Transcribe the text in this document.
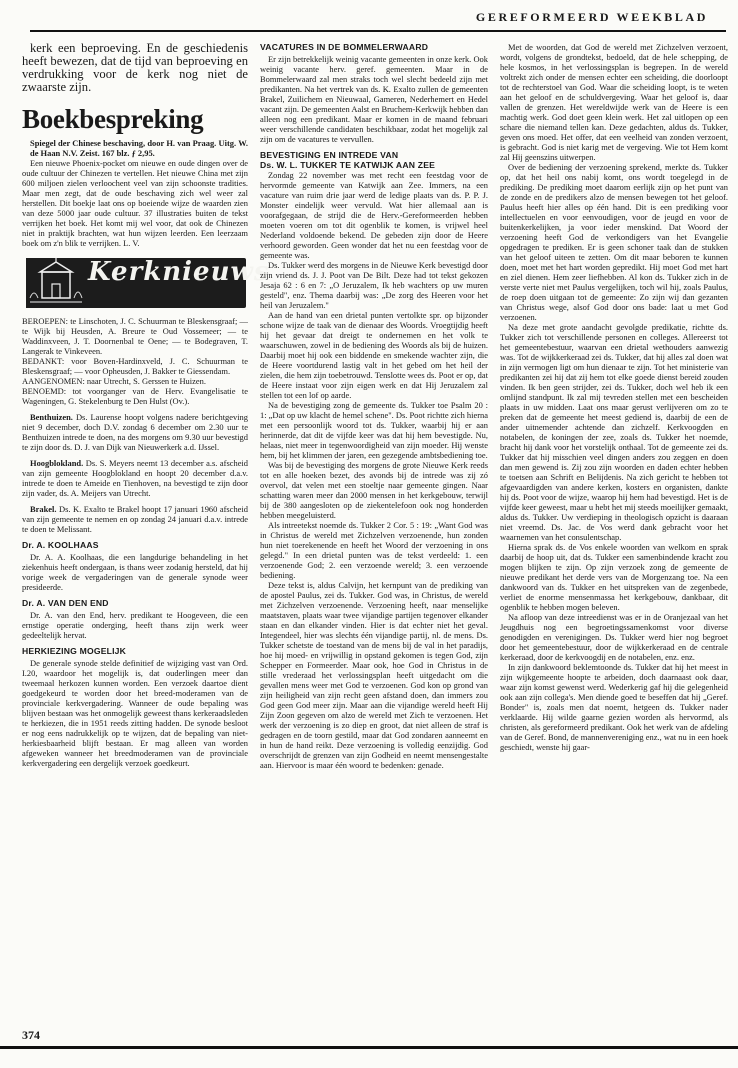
GEREFORMEERD WEEKBLAD

kerk een beproeving. En de geschiedenis heeft bewezen, dat de tijd van beproeving en verdrukking voor de kerk nog niet de zwaarste zijn.

Boekbespreking

Spiegel der Chinese beschaving, door H. van Praag. Uitg. W. de Haan N.V. Zeist. 167 blz. ƒ 2,95.

Een nieuwe Phoenix-pocket om nieuwe en oude dingen over de oude cultuur der Chinezen te vertellen. Het nieuwe China met zijn 600 miljoen zielen verloochent veel van zijn schoonste tradities. Maar men zegt, dat de oude beschaving zich wel weer zal herstellen. Dit boekje laat ons op boeiende wijze de waarden zien van deze 5000 jaar oude cultuur. 37 illustraties buiten de tekst verrijken het boek. Het komt mij wel voor, dat ook de Chinezen niet in praktijk brachten, wat hun wijzen leerden. Een leerzaam boek om z'n blik te verrijken. L. V.

Kerknieuws

BEROEPEN: te Linschoten, J. C. Schuurman te Bleskensgraaf; — te Wijk bij Heusden, A. Breure te Oud Vossemeer; — te Waddinxveen, J. T. Doornenbal te Oene; — te Bodegraven, T. Langerak te Vinkeveen.

BEDANKT: voor Boven-Hardinxveld, J. C. Schuurman te Bleskensgraaf; — voor Opheusden, J. Bakker te Giessendam.

AANGENOMEN: naar Utrecht, S. Gerssen te Huizen.

BENOEMD: tot voorganger van de Herv. Evangelisatie te Wageningen, G. Stekelenburg te Den Hulst (Ov.).

Benthuizen. Ds. Laurense hoopt volgens nadere berichtgeving niet 9 december, doch D.V. zondag 6 december om 2.30 uur te Benthuizen intrede te doen, na des morgens om 9.30 uur bevestigd te zijn door ds. D. J. van Dijk van Nieuwerkerk a.d. IJssel.

Hoogblokland. Ds. S. Meyers neemt 13 december a.s. afscheid van zijn gemeente Hoogblokland en hoopt 20 december d.a.v. intrede te doen te Ameide en Tienhoven, na bevestigd te zijn door zijn vader, ds. A. Meijers van Utrecht.

Brakel. Ds. K. Exalto te Brakel hoopt 17 januari 1960 afscheid van zijn gemeente te nemen en op zondag 24 januari d.a.v. intrede te doen te Melissant.

Dr. A. KOOLHAAS

Dr. A. A. Koolhaas, die een langdurige behandeling in het ziekenhuis heeft ondergaan, is thans weer zodanig hersteld, dat hij vorige week de vergaderingen van de generale synode weer presideerde.

Dr. A. VAN DEN END

Dr. A. van den End, herv. predikant te Hoogeveen, die een ernstige operatie onderging, heeft thans zijn werk weer gedeeltelijk hervat.

HERKIEZING MOGELIJK

De generale synode stelde definitief de wijziging vast van Ord. I.20, waardoor het mogelijk is, dat ouderlingen meer dan tweemaal herkozen kunnen worden. Een verzoek daartoe dient goedgekeurd te worden door het breed-moderamen van de provinciale kerkvergadering. Wanneer de oude bepaling was blijven bestaan was het onmogelijk geweest thans kerkeraadsleden te herkiezen, die in 1951 reeds zitting hadden. De synode besloot er nog eens nadrukkelijk op te wijzen, dat de bepaling van niet-herkiesbaarheid blijft bestaan. Er mag alleen van worden afgeweken wanneer het breedmoderamen van de provinciale kerkvergadering een dergelijk verzoek goedkeurt.

VACATURES IN DE BOMMELERWAARD

Er zijn betrekkelijk weinig vacante gemeenten in onze kerk. Ook weinig vacante herv. geref. gemeenten. Maar in de Bommelerwaard zal men straks toch wel slecht bedeeld zijn met predikanten. Na het vertrek van ds. K. Exalto zullen de gemeenten Brakel, Zuilichem en Nieuwaal, Gameren, Nederhemert en Hedel vacant zijn. De gemeenten Aalst en Bruchem-Kerkwijk hebben dan alleen nog een predikant. Maar er komen in de maand februari weer verschillende candidaten beschikbaar, zodat het mogelijk zal zijn om de vacatures te vervullen.

BEVESTIGING EN INTREDE VAN
Ds. W. L. TUKKER TE KATWIJK AAN ZEE

Zondag 22 november was met recht een feestdag voor de hervormde gemeente van Katwijk aan Zee. Immers, na een vacature van ruim drie jaar werd de ledige plaats van ds. P. P. J. Monster eindelijk weer vervuld. Wat hier allemaal aan is voorafgegaan, de strijd die de Herv.-Gereformeerden hebben moeten voeren om tot dit ogenblik te komen, is vrijwel heel Nederland voldoende bekend. De gebeden zijn door de Heere verhoord geworden. Geen wonder dat het nu een feestdag voor de gemeente was.

Ds. Tukker werd des morgens in de Nieuwe Kerk bevestigd door zijn vriend ds. J. J. Poot van De Bilt. Deze had tot tekst gekozen Jesaja 62 : 6 en 7: „O Jeruzalem, Ik heb wachters op uw muren gesteld", enz. Thema daarbij was: „De zorg des Heeren voor het heil van Jeruzalem."

Aan de hand van een drietal punten vertolkte spr. op bijzonder schone wijze de taak van de dienaar des Woords. Vroegtijdig heeft hij het gevaar dat dreigt te ondernemen en het volk te waarschuwen, zowel in de bediening des Woords als bij de huizen. Daarbij moet hij ook een biddende en smekende wachter zijn, die de Heere voortdurend lastig valt in het gebed om het heil der zielen, die hem zijn toebetrouwd. Tenslotte wees ds. Poot er op, dat de Heere instaat voor zijn eigen werk en dat Hij Jeruzalem zal stellen tot een lof op aarde.

Na de bevestiging zong de gemeente ds. Tukker toe Psalm 20 : 1: „Dat op uw klacht de hemel schene". Ds. Poot richtte zich hierna met een persoonlijk woord tot ds. Tukker, waarbij hij er aan herinnerde, dat dit de vijfde keer was dat hij hem bevestigde. Nu, helaas, niet meer in tegenwoordigheid van zijn moeder. Hij wenste hem, bij het klimmen der jaren, een gezegende ambtsbediening toe.

Was bij de bevestiging des morgens de grote Nieuwe Kerk reeds tot en alle hoeken bezet, des avonds bij de intrede was zij zó overvol, dat velen met een stoeltje naar gemeente gingen. Naar schatting waren meer dan 2000 mensen in het kerkgebouw, terwijl bij de 380 aangesloten op de ziekentelefoon ook nog honderden hebben meegeluisterd.

Als intreetekst noemde ds. Tukker 2 Cor. 5 : 19: „Want God was in Christus de wereld met Zichzelven verzoenende, hun zonden hun niet toerekenende en heeft het Woord der verzoening in ons gelegd." In een drietal punten was de tekst verdeeld: 1. een verzoenende God; 2. een verzoende wereld; 3. een verzoende bediening.

Deze tekst is, aldus Calvijn, het kernpunt van de prediking van de apostel Paulus, zei ds. Tukker. God was, in Christus, de wereld met Zichzelven verzoenende. Verzoening heeft, naar menselijke maatstaven, plaats waar twee vijandige partijen tegenover elkander staan en dan elkander vinden. Hier is dat echter niet het geval. Integendeel, hier was slechts één vijandige partij, nl. de mens. Ds. Tukker schetste de toestand van de mens bij de val in het paradijs, hoe hij moed- en vrijwillig in opstand gekomen is tegen God, zijn Schepper en Formeerder. Maar ook, hoe God in Christus in de stille vrederaad het verlossingsplan heeft uitgedacht om die gevallen mens weer met God te verzoenen. God kon op grond van zijn heiligheid van zijn recht geen afstand doen, dan immers zou God geen God meer zijn. Maar aan die vijandige wereld heeft Hij Zijn Zoon gegeven om alzo de wereld met Zich te verzoenen. Het werk der verzoening is zo diep en groot, dat niet alleen de straf is gedragen en de toorn gestild, maar dat God zondaren aanneemt en in hun de hand reikt. Deze verzoening is volledig eenzijdig. God overschrijdt de grenzen van zijn Godheid en neemt mensengestalte aan. Hiervoor is maar één woord te bedenken: genade.

Met de woorden, dat God de wereld met Zichzelven verzoent, wordt, volgens de grondtekst, bedoeld, dat de hele schepping, de hele kosmos, in het verlossingsplan is begrepen. In de wereld voltrekt zich onder de mensen echter een scheiding, die doorloopt tot de rechterstoel van God. Waar die scheiding loopt, is te weten aan het geloof en de schuldvergeving. Waar het geloof is, daar vallen de grenzen. Het wereldwijde werk van de Heere is een machtig werk. God doet geen klein werk. Het zal uitlopen op een schare die niemand tellen kan. Deze gedachten, aldus ds. Tukker, geven ons moed. Het offer, dat een veelheid van zonden verzoent, is gebracht. God is niet karig met de vergeving. Wie tot Hem komt zal Hij geenszins uitwerpen.

Over de bediening der verzoening sprekend, merkte ds. Tukker op, dat het heil ons nabij komt, ons wordt toegelegd in de prediking. De prediking moet daarom eerlijk zijn op het punt van de zonde en de predikers alzo de mensen bewegen tot het geloof. Paulus heeft hier alles op één hand. Dit is een prediking voor intellectuelen en voor eenvoudigen, voor de jeugd en voor de buitenkerkelijken, ja voor ieder menskind. Dat Woord der verzoening heeft God de verkondigers van het Evangelie opgedragen te prediken. Er is geen schoner taak dan de stukken van het geloof uiteen te zetten. Om dit maar beboren te kunnen doen, moet met het hart worden gepredikt. Hij moet God met hart en ziel dienen. Hem zeer liefhebben. Al kon ds. Tukker zich in de verste verte niet met Paulus vergelijken, toch wil hij, zoals Paulus, de roep doen uitgaan tot de gemeente: Zo zijn wij dan gezanten van Christus wege, alsof God door ons bade: laat u met God verzoenen.

Na deze met grote aandacht gevolgde predikatie, richtte ds. Tukker zich tot verschillende personen en colleges. Allereerst tot het gemeentebestuur, waarvan een drietal wethouders aanwezig was. Tot de wijkkerkeraad zei ds. Tukker, dat hij alles zal doen wat in zijn vermogen ligt om hun dienaar te zijn. Tot het ministerie van predikanten zei hij dat zij hem tot elke goede dienst bereid zouden vinden. Ik ben geen strijder, zei ds. Tukker, doch wel heb ik een omlijnd standpunt. Ik zal mij tevreden stellen met een bescheiden plaats in uw midden. Laat ons maar gerust verlijveren om zo te preken dat de gemeente het meest gediend is, daarbij de een de ander uitnemender achtende dan zichzelf. Kerkvoogden en notabelen, de koningen der zee, zoals ds. Tukker het noemde, bracht hij dank voor het vorstelijk onthaal. Tot de gemeente zei ds. Tukker dat hij misschien veel dingen anders zou zeggen en doen dan men gewend is. Zij zou zijn woorden en daden echter hebben te toetsen aan Schrift en Belijdenis. Na zich gericht te hebben tot afgevaardigden van andere kerken, kosters en organisten, dankte hij ds. Poot voor de wijze, waarop hij hem had bevestigd. Het is de vijfde keer geweest, maar u hebt het mij steeds moeilijker gemaakt, aldus ds. Tukker. Uw verdieping in theologisch opzicht is daaraan niet vreemd. Ds. Jac. de Vos werd dank gebracht voor het waarnemen van het consulentschap.

Hierna sprak ds. de Vos enkele woorden van welkom en sprak daarbij de hoop uit, dat ds. Tukker een samenbindende kracht zou mogen blijken te zijn. Op zijn verzoek zong de gemeente de nieuwe predikant het derde vers van de Morgenzang toe. Na een dankwoord van ds. Tukker en het uitspreken van de zegenbede, verliet de enorme mensenmassa het kerkgebouw, dankbaar, dit ogenblik te hebben mogen beleven.

Na afloop van deze intreedienst was er in de Oranjezaal van het Jeugdhuis nog een begroetingssamenkomst voor diverse genodigden en verenigingen. Ds. Tukker werd hier nog begroet door het gemeentebestuur, door de wijkkerkeraad en de centrale kerkeraad, door de kerkvoogdij en de notabelen, enz. enz.

In zijn dankwoord beklemtoonde ds. Tukker dat hij het meest in zijn wijkgemeente hoopte te arbeiden, doch daarnaast ook daar, waar zijn komst gewenst werd. Wederkerig gaf hij die gelegenheid ook aan zijn collega's. Men diende goed te beseffen dat hij „Geref. Bonder" is, zoals men dat noemt, hetgeen ds. Tukker nader verklaarde. Hij wilde gaarne gezien worden als hervormd, als christen, als gereformeerd predikant. Ook het werk van de afdeling van de Geref. Bond, de mannenvereniging enz., wat nu in een hoek geschiedt, wenste hij gaar-

374
